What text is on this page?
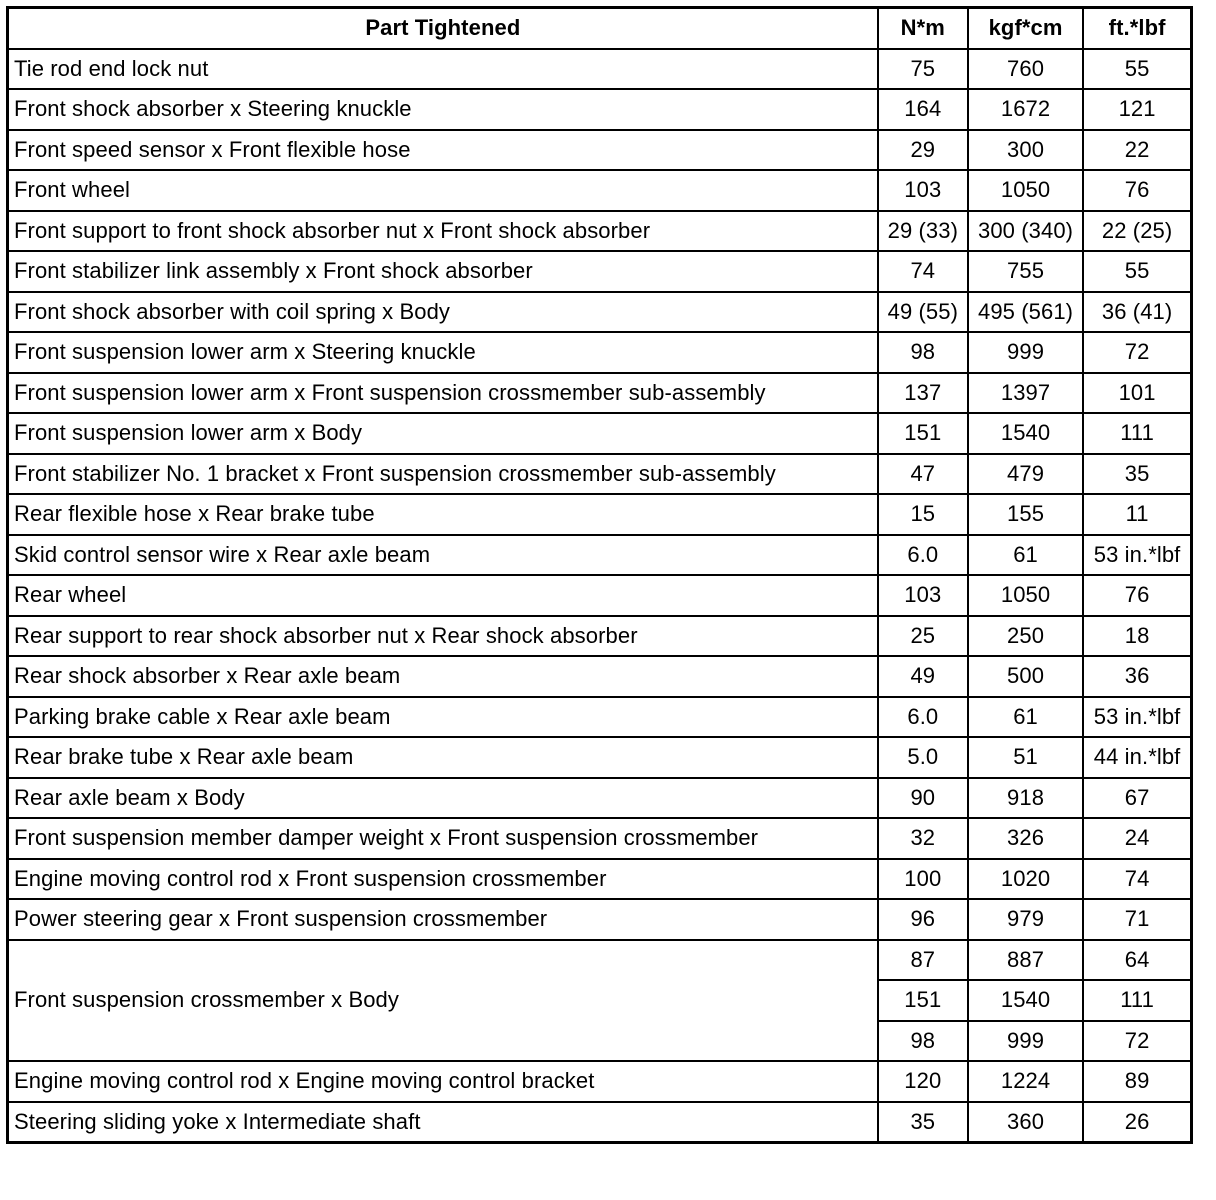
Part Tightened	N*m	kgf*cm	ft.*lbf
Tie rod end lock nut	75	760	55
Front shock absorber x Steering knuckle	164	1672	121
Front speed sensor x Front flexible hose	29	300	22
Front wheel	103	1050	76
Front support to front shock absorber nut x Front shock absorber	29 (33)	300 (340)	22 (25)
Front stabilizer link assembly x Front shock absorber	74	755	55
Front shock absorber with coil spring x Body	49 (55)	495 (561)	36 (41)
Front suspension lower arm x Steering knuckle	98	999	72
Front suspension lower arm x Front suspension crossmember sub-assembly	137	1397	101
Front suspension lower arm x Body	151	1540	111
Front stabilizer No. 1 bracket x Front suspension crossmember sub-assembly	47	479	35
Rear flexible hose x Rear brake tube	15	155	11
Skid control sensor wire x Rear axle beam	6.0	61	53 in.*lbf
Rear wheel	103	1050	76
Rear support to rear shock absorber nut x Rear shock absorber	25	250	18
Rear shock absorber x Rear axle beam	49	500	36
Parking brake cable x Rear axle beam	6.0	61	53 in.*lbf
Rear brake tube x Rear axle beam	5.0	51	44 in.*lbf
Rear axle beam x Body	90	918	67
Front suspension member damper weight x Front suspension crossmember	32	326	24
Engine moving control rod x Front suspension crossmember	100	1020	74
Power steering gear x Front suspension crossmember	96	979	71
Front suspension crossmember x Body	87	887	64
	151	1540	111
	98	999	72
Engine moving control rod x Engine moving control bracket	120	1224	89
Steering sliding yoke x Intermediate shaft	35	360	26
